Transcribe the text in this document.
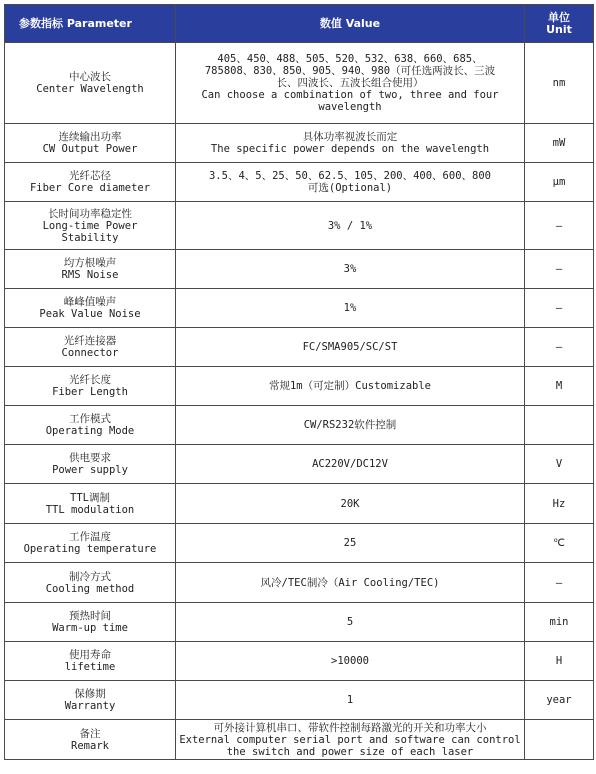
参数指标 Parameter	数值 Value	单位
Unit

中心波长
Center Wavelength	405、450、488、505、520、532、638、660、685、
785808、830、850、905、940、980（可任选两波长、三波
长、四波长、五波长组合使用）
Can choose a combination of two, three and four
wavelength	nm

连续输出功率
CW Output Power	具体功率视波长而定
The specific power depends on the wavelength	mW

光纤芯径
Fiber Core diameter	3.5、4、5、25、50、62.5、105、200、400、600、800
可选(Optional)	μm

长时间功率稳定性
Long-time Power
Stability	3% / 1%	—

均方根噪声
RMS Noise	3%	—

峰峰值噪声
Peak Value Noise	1%	—

光纤连接器
Connector	FC/SMA905/SC/ST	—

光纤长度
Fiber Length	常规1m（可定制）Customizable	M

工作模式
Operating Mode	CW/RS232软件控制	

供电要求
Power supply	AC220V/DC12V	V

TTL调制
TTL modulation	20K	Hz

工作温度
Operating temperature	25	℃

制冷方式
Cooling method	风冷/TEC制冷（Air Cooling/TEC)	—

预热时间
Warm-up time	5	min

使用寿命
lifetime	>10000	H

保修期
Warranty	1	year

备注
Remark	可外接计算机串口、带软件控制每路激光的开关和功率大小
External computer serial port and software can control
the switch and power size of each laser	
